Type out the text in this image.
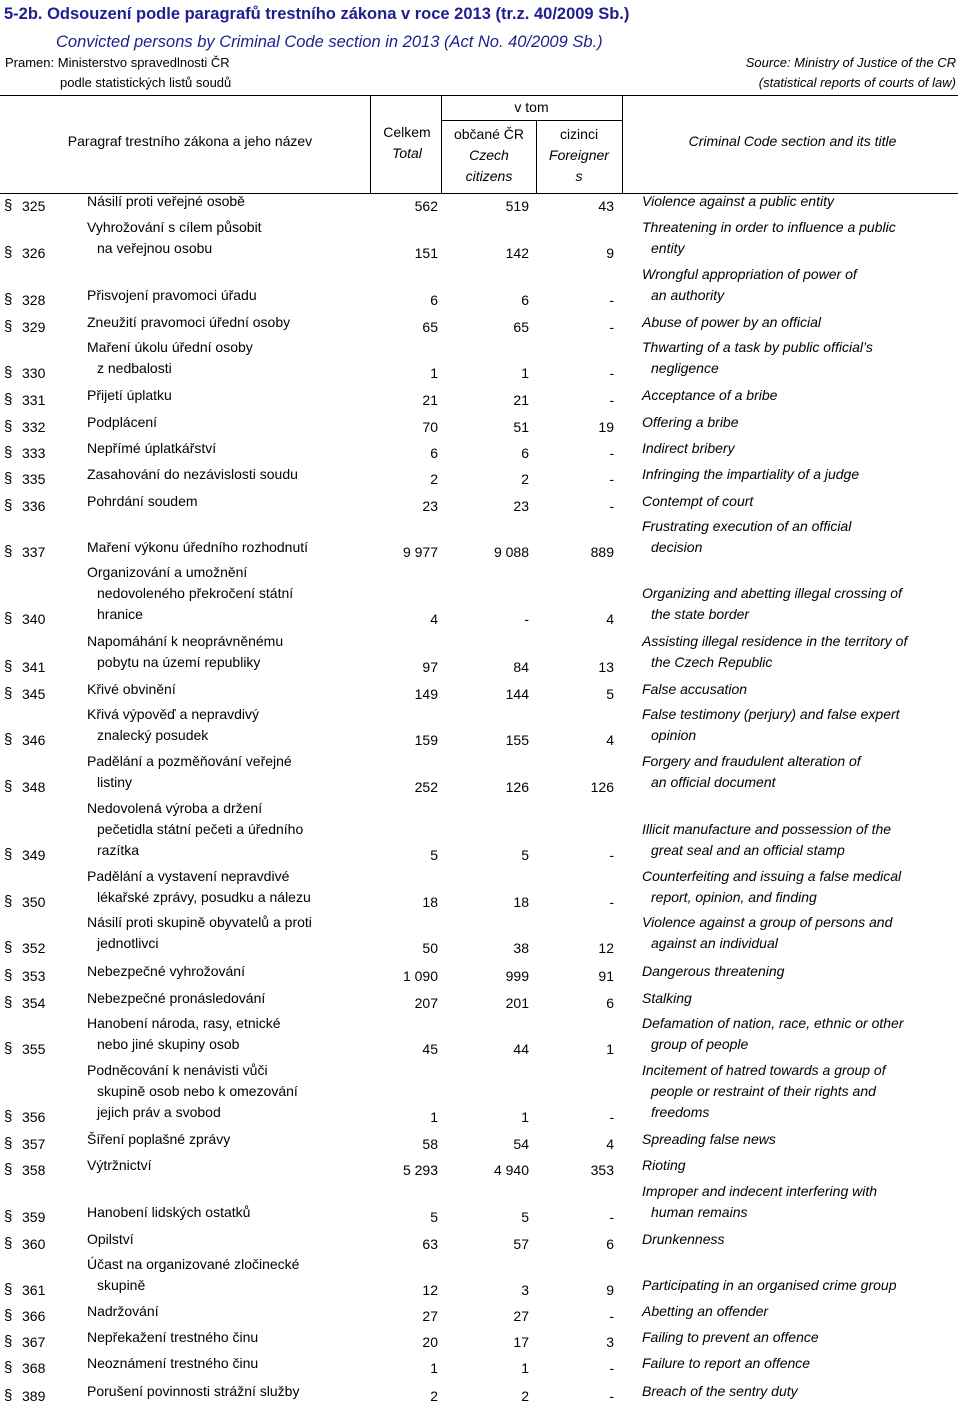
5-2b. Odsouzení podle paragrafů trestního zákona v roce 2013 (tr.z. 40/2009 Sb.)
Convicted persons by Criminal Code section in 2013 (Act No. 40/2009 Sb.)
Pramen: Ministerstvo spravedlnosti ČR
podle statistických listů soudů
Source: Ministry of Justice of the CR
(statistical reports of courts of law)
Paragraf trestního zákona a jeho název
Celkem
Total
v tom
občané ČR
Czech
citizens
cizinci
Foreigner
s
Criminal Code section and its title
§ 325	Násilí proti veřejné osobě	562	519	43 Violence against a public entity
§ 326
Vyhrožování s cílem působit
na veřejnou osobu	151	142	9
Threatening in order to influence a public
entity
§ 328	Přisvojení pravomoci úřadu	6	6	-
Wrongful appropriation of power of
an authority
§ 329	Zneužití pravomoci úřední osoby	65	65	- Abuse of power by an official
§ 330
Maření úkolu úřední osoby
z nedbalosti	1	1	-
Thwarting of a task by public official’s
negligence
§ 331	Přijetí úplatku	21	21	- Acceptance of a bribe
§ 332	Podplácení	70	51	19 Offering a bribe
§ 333	Nepřímé úplatkářství	6	6	- Indirect bribery
§ 335	Zasahování do nezávislosti soudu	2	2	- Infringing the impartiality of a judge
§ 336	Pohrdání soudem	23	23	- Contempt of court
§ 337	Maření výkonu úředního rozhodnutí	9 977	9 088	889
Frustrating execution of an official
decision
§ 340
Organizování a umožnění
nedovoleného překročení státní
hranice	4	-	4
Organizing and abetting illegal crossing of
the state border
§ 341
Napomáhání k neoprávněnému
pobytu na území republiky	97	84	13
Assisting illegal residence in the territory of
the Czech Republic
§ 345	Křivé obvinění	149	144	5 False accusation
§ 346
Křivá výpověď a nepravdivý
znalecký posudek	159	155	4
False testimony (perjury) and false expert
opinion
§ 348
Padělání a pozměňování veřejné
listiny	252	126	126
Forgery and fraudulent alteration of
an official document
§ 349
Nedovolená výroba a držení
pečetidla státní pečeti a úředního
razítka	5	5	-
Illicit manufacture and possession of the
great seal and an official stamp
§ 350
Padělání a vystavení nepravdivé
lékařské zprávy, posudku a nálezu	18	18	-
Counterfeiting and issuing a false medical
report, opinion, and finding
§ 352
Násilí proti skupině obyvatelů a proti
jednotlivci	50	38	12
Violence against a group of persons and
against an individual
§ 353	Nebezpečné vyhrožování	1 090	999	91 Dangerous threatening
§ 354	Nebezpečné pronásledování	207	201	6 Stalking
§ 355
Hanobení národa, rasy, etnické
nebo jiné skupiny osob	45	44	1
Defamation of nation, race, ethnic or other
group of people
§ 356
Podněcování k nenávisti vůči
skupině osob nebo k omezování
jejich práv a svobod	1	1	-
Incitement of hatred towards a group of
people or restraint of their rights and
freedoms
§ 357	Šíření poplašné zprávy	58	54	4 Spreading false news
§ 358	Výtržnictví	5 293	4 940	353 Rioting
§ 359	Hanobení lidských ostatků	5	5	-
Improper and indecent interfering with
human remains
§ 360	Opilství	63	57	6 Drunkenness
§ 361
Účast na organizované zločinecké
skupině	12	3	9 Participating in an organised crime group
§ 366	Nadržování	27	27	- Abetting an offender
§ 367	Nepřekažení trestného činu	20	17	3 Failing to prevent an offence
§ 368	Neoznámení trestného činu	1	1	- Failure to report an offence
§ 389	Porušení povinnosti strážní služby	2	2	- Breach of the sentry duty
